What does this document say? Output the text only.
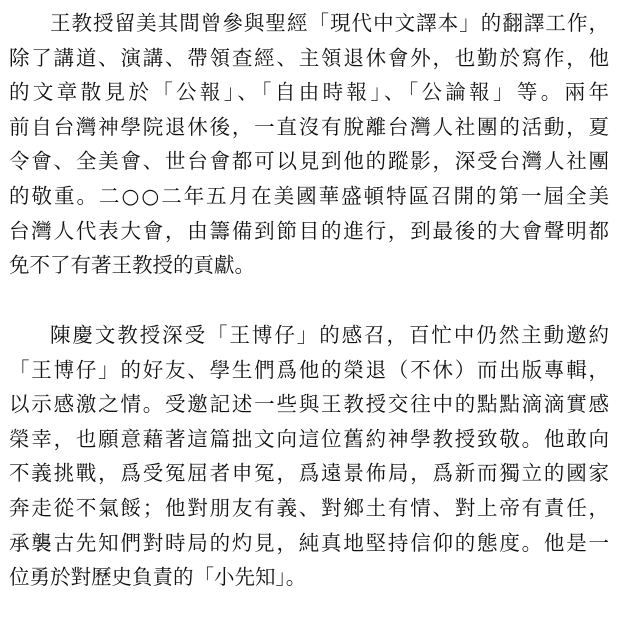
王教授留美其間曾參與聖經「現代中文譯本」的翻譯工作，
除了講道、演講、帶領查經、主領退休會外，也勤於寫作，他
的文章散見於「公報」、「自由時報」、「公論報」等。兩年
前自台灣神學院退休後，一直沒有脫離台灣人社團的活動，夏
令會、全美會、世台會都可以見到他的蹤影，深受台灣人社團
的敬重。二○○二年五月在美國華盛頓特區召開的第一屆全美
台灣人代表大會，由籌備到節目的進行，到最後的大會聲明都
免不了有著王教授的貢獻。

陳慶文教授深受「王博仔」的感召，百忙中仍然主動邀約
「王博仔」的好友、學生們爲他的榮退（不休）而出版專輯，
以示感激之情。受邀記述一些與王教授交往中的點點滴滴實感
榮幸，也願意藉著這篇拙文向這位舊約神學教授致敬。他敢向
不義挑戰，爲受冤屈者申冤，爲遠景佈局，爲新而獨立的國家
奔走從不氣餒；他對朋友有義、對鄉土有情、對上帝有責任，
承襲古先知們對時局的灼見，純真地堅持信仰的態度。他是一
位勇於對歷史負責的「小先知」。
